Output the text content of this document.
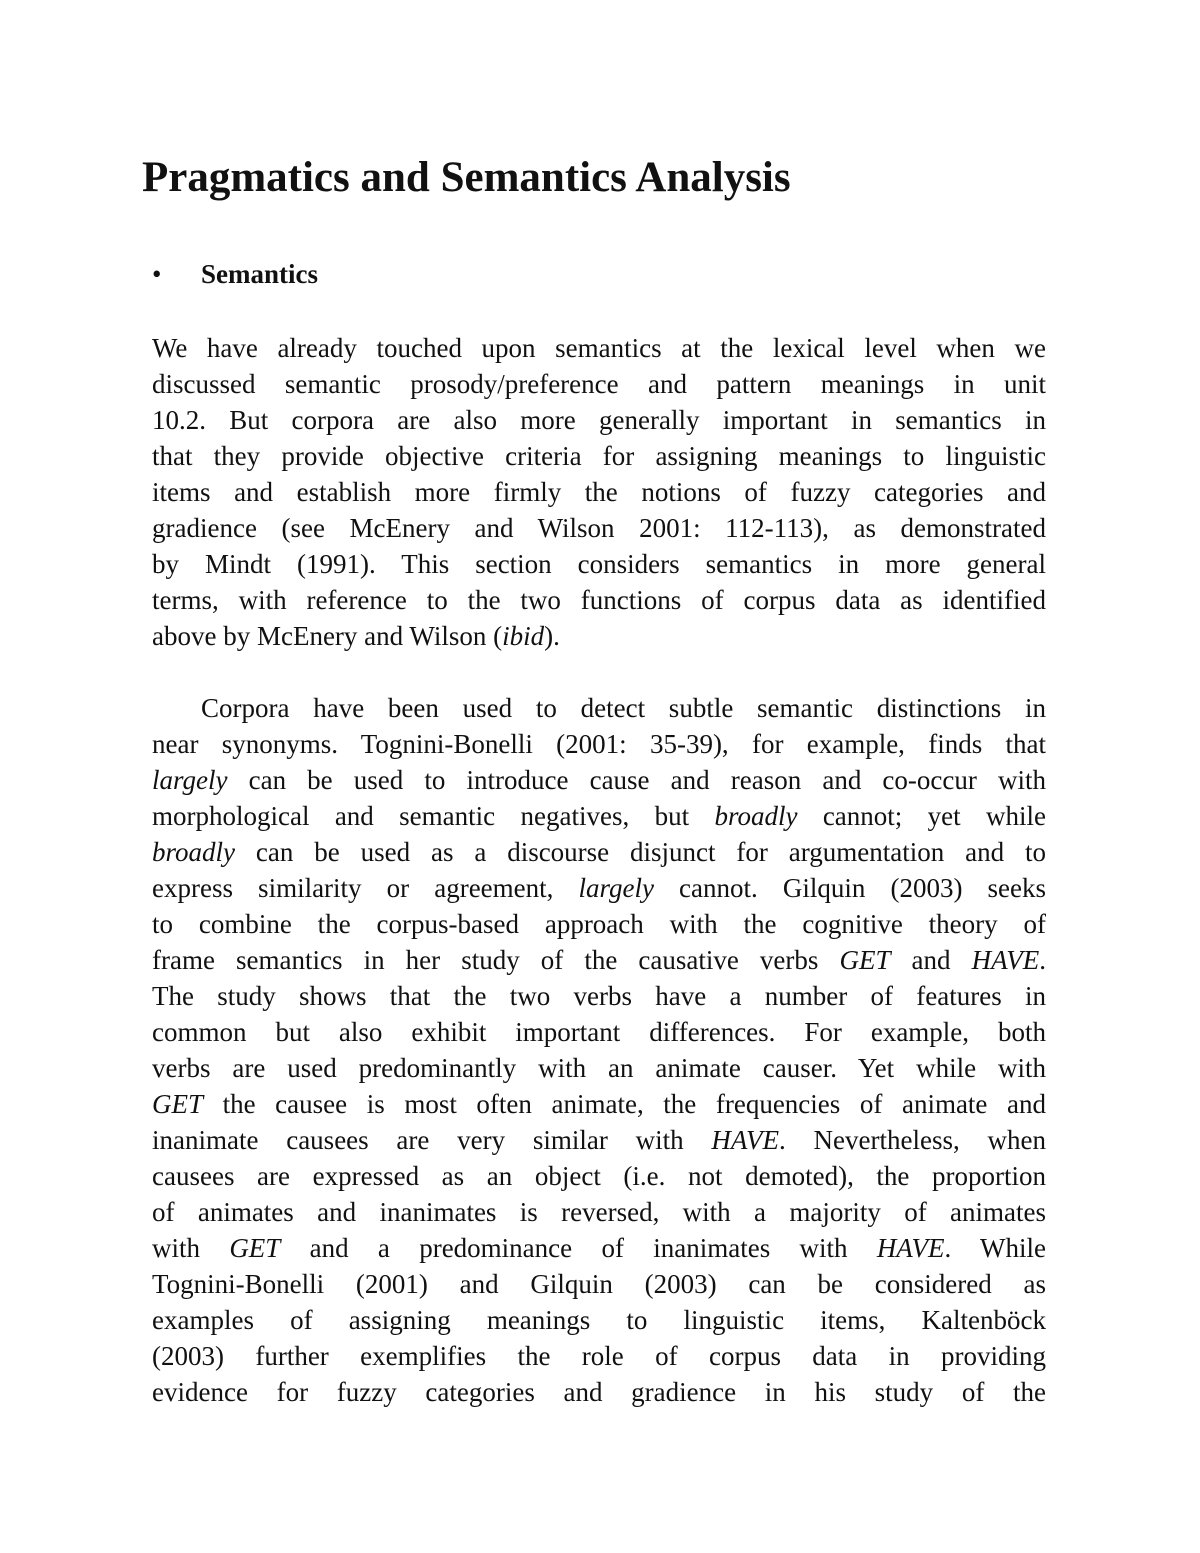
Pragmatics and Semantics Analysis
• Semantics
We have already touched upon semantics at the lexical level when we
discussed semantic prosody/preference and pattern meanings in unit
10.2. But corpora are also more generally important in semantics in
that they provide objective criteria for assigning meanings to linguistic
items and establish more firmly the notions of fuzzy categories and
gradience (see McEnery and Wilson 2001: 112-113), as demonstrated
by Mindt (1991). This section considers semantics in more general
terms, with reference to the two functions of corpus data as identified
above by McEnery and Wilson (ibid).
Corpora have been used to detect subtle semantic distinctions in
near synonyms. Tognini-Bonelli (2001: 35-39), for example, finds that
largely can be used to introduce cause and reason and co-occur with
morphological and semantic negatives, but broadly cannot; yet while
broadly can be used as a discourse disjunct for argumentation and to
express similarity or agreement, largely cannot. Gilquin (2003) seeks
to combine the corpus-based approach with the cognitive theory of
frame semantics in her study of the causative verbs GET and HAVE.
The study shows that the two verbs have a number of features in
common but also exhibit important differences. For example, both
verbs are used predominantly with an animate causer. Yet while with
GET the causee is most often animate, the frequencies of animate and
inanimate causees are very similar with HAVE. Nevertheless, when
causees are expressed as an object (i.e. not demoted), the proportion
of animates and inanimates is reversed, with a majority of animates
with GET and a predominance of inanimates with HAVE. While
Tognini-Bonelli (2001) and Gilquin (2003) can be considered as
examples of assigning meanings to linguistic items, Kaltenböck
(2003) further exemplifies the role of corpus data in providing
evidence for fuzzy categories and gradience in his study of the
